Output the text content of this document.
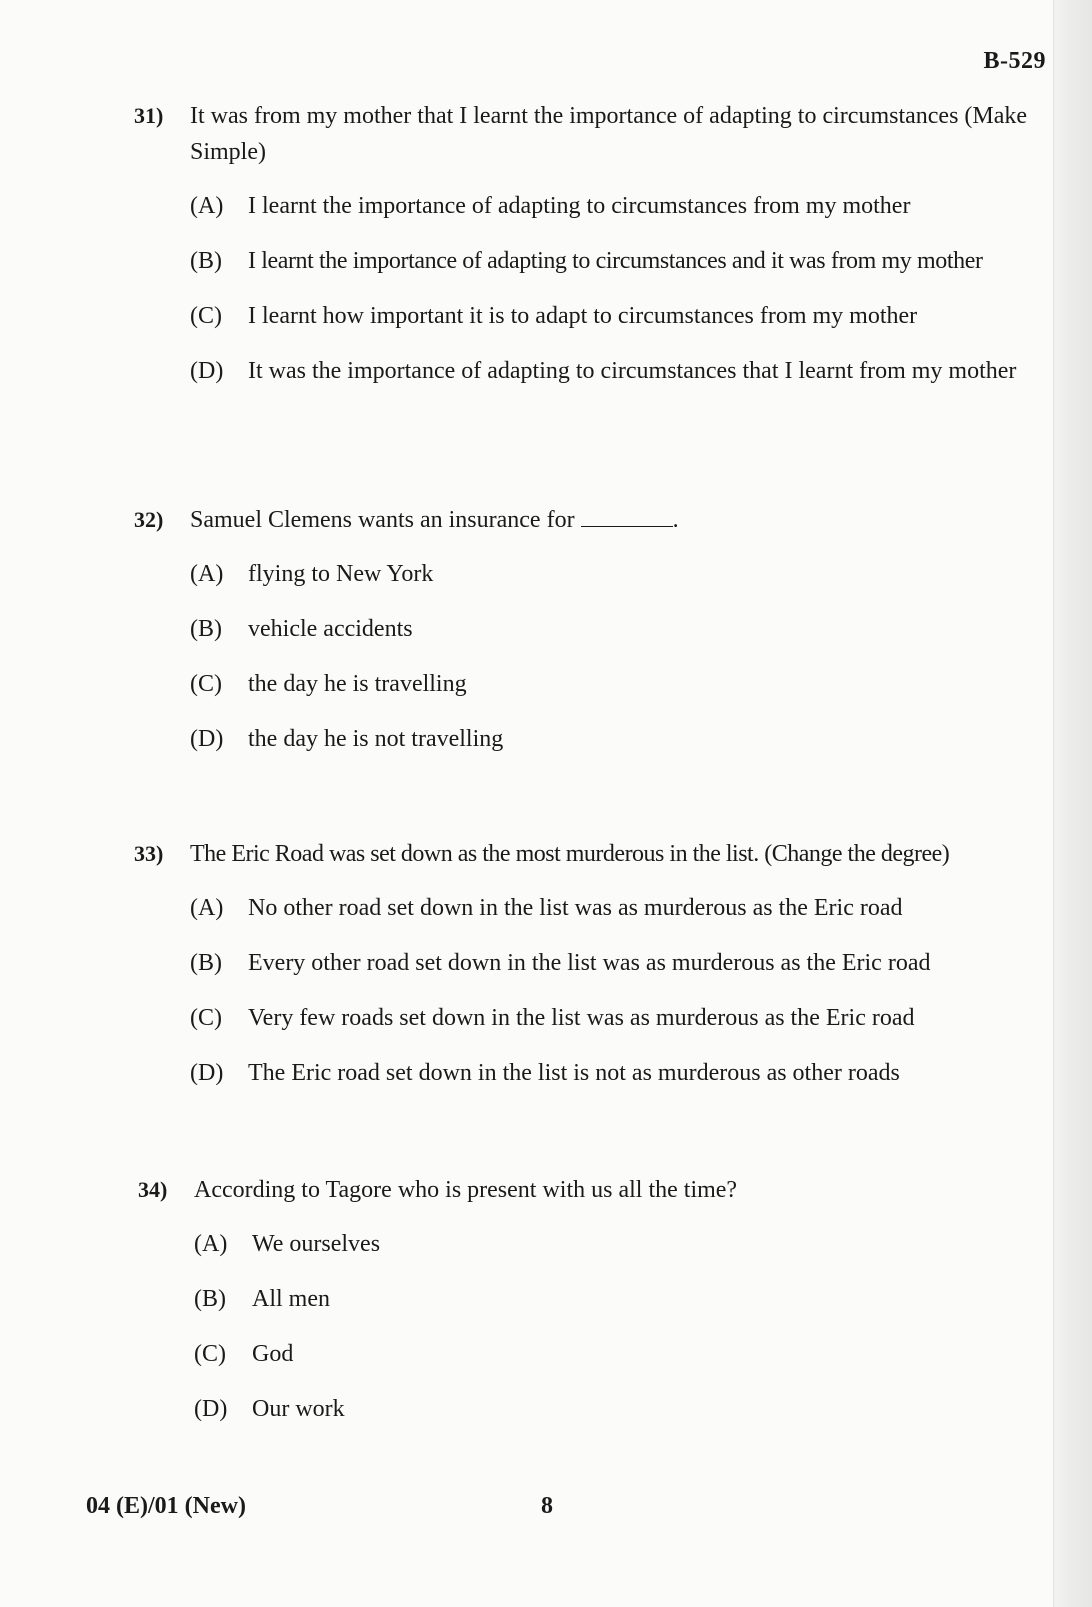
B-529
31)	It was from my mother that I learnt the importance of adapting to circumstances (Make Simple)
(A)	I learnt the importance of adapting to circumstances from my mother
(B)	I learnt the importance of adapting to circumstances and it was from my mother
(C)	I learnt how important it is to adapt to circumstances from my mother
(D)	It was the importance of adapting to circumstances that I learnt from my mother
32)	Samuel Clemens wants an insurance for	.
(A)	flying to New York
(B)	vehicle accidents
(C)	the day he is travelling
(D)	the day he is not travelling
33)	The Eric Road was set down as the most murderous in the list. (Change the degree)
(A)	No other road set down in the list was as murderous as the Eric road
(B)	Every other road set down in the list was as murderous as the Eric road
(C)	Very few roads set down in the list was as murderous as the Eric road
(D)	The Eric road set down in the list is not as murderous as other roads
34)	According to Tagore who is present with us all the time?
(A)	We ourselves
(B)	All men
(C)	God
(D)	Our work
04 (E)/01 (New)	8
